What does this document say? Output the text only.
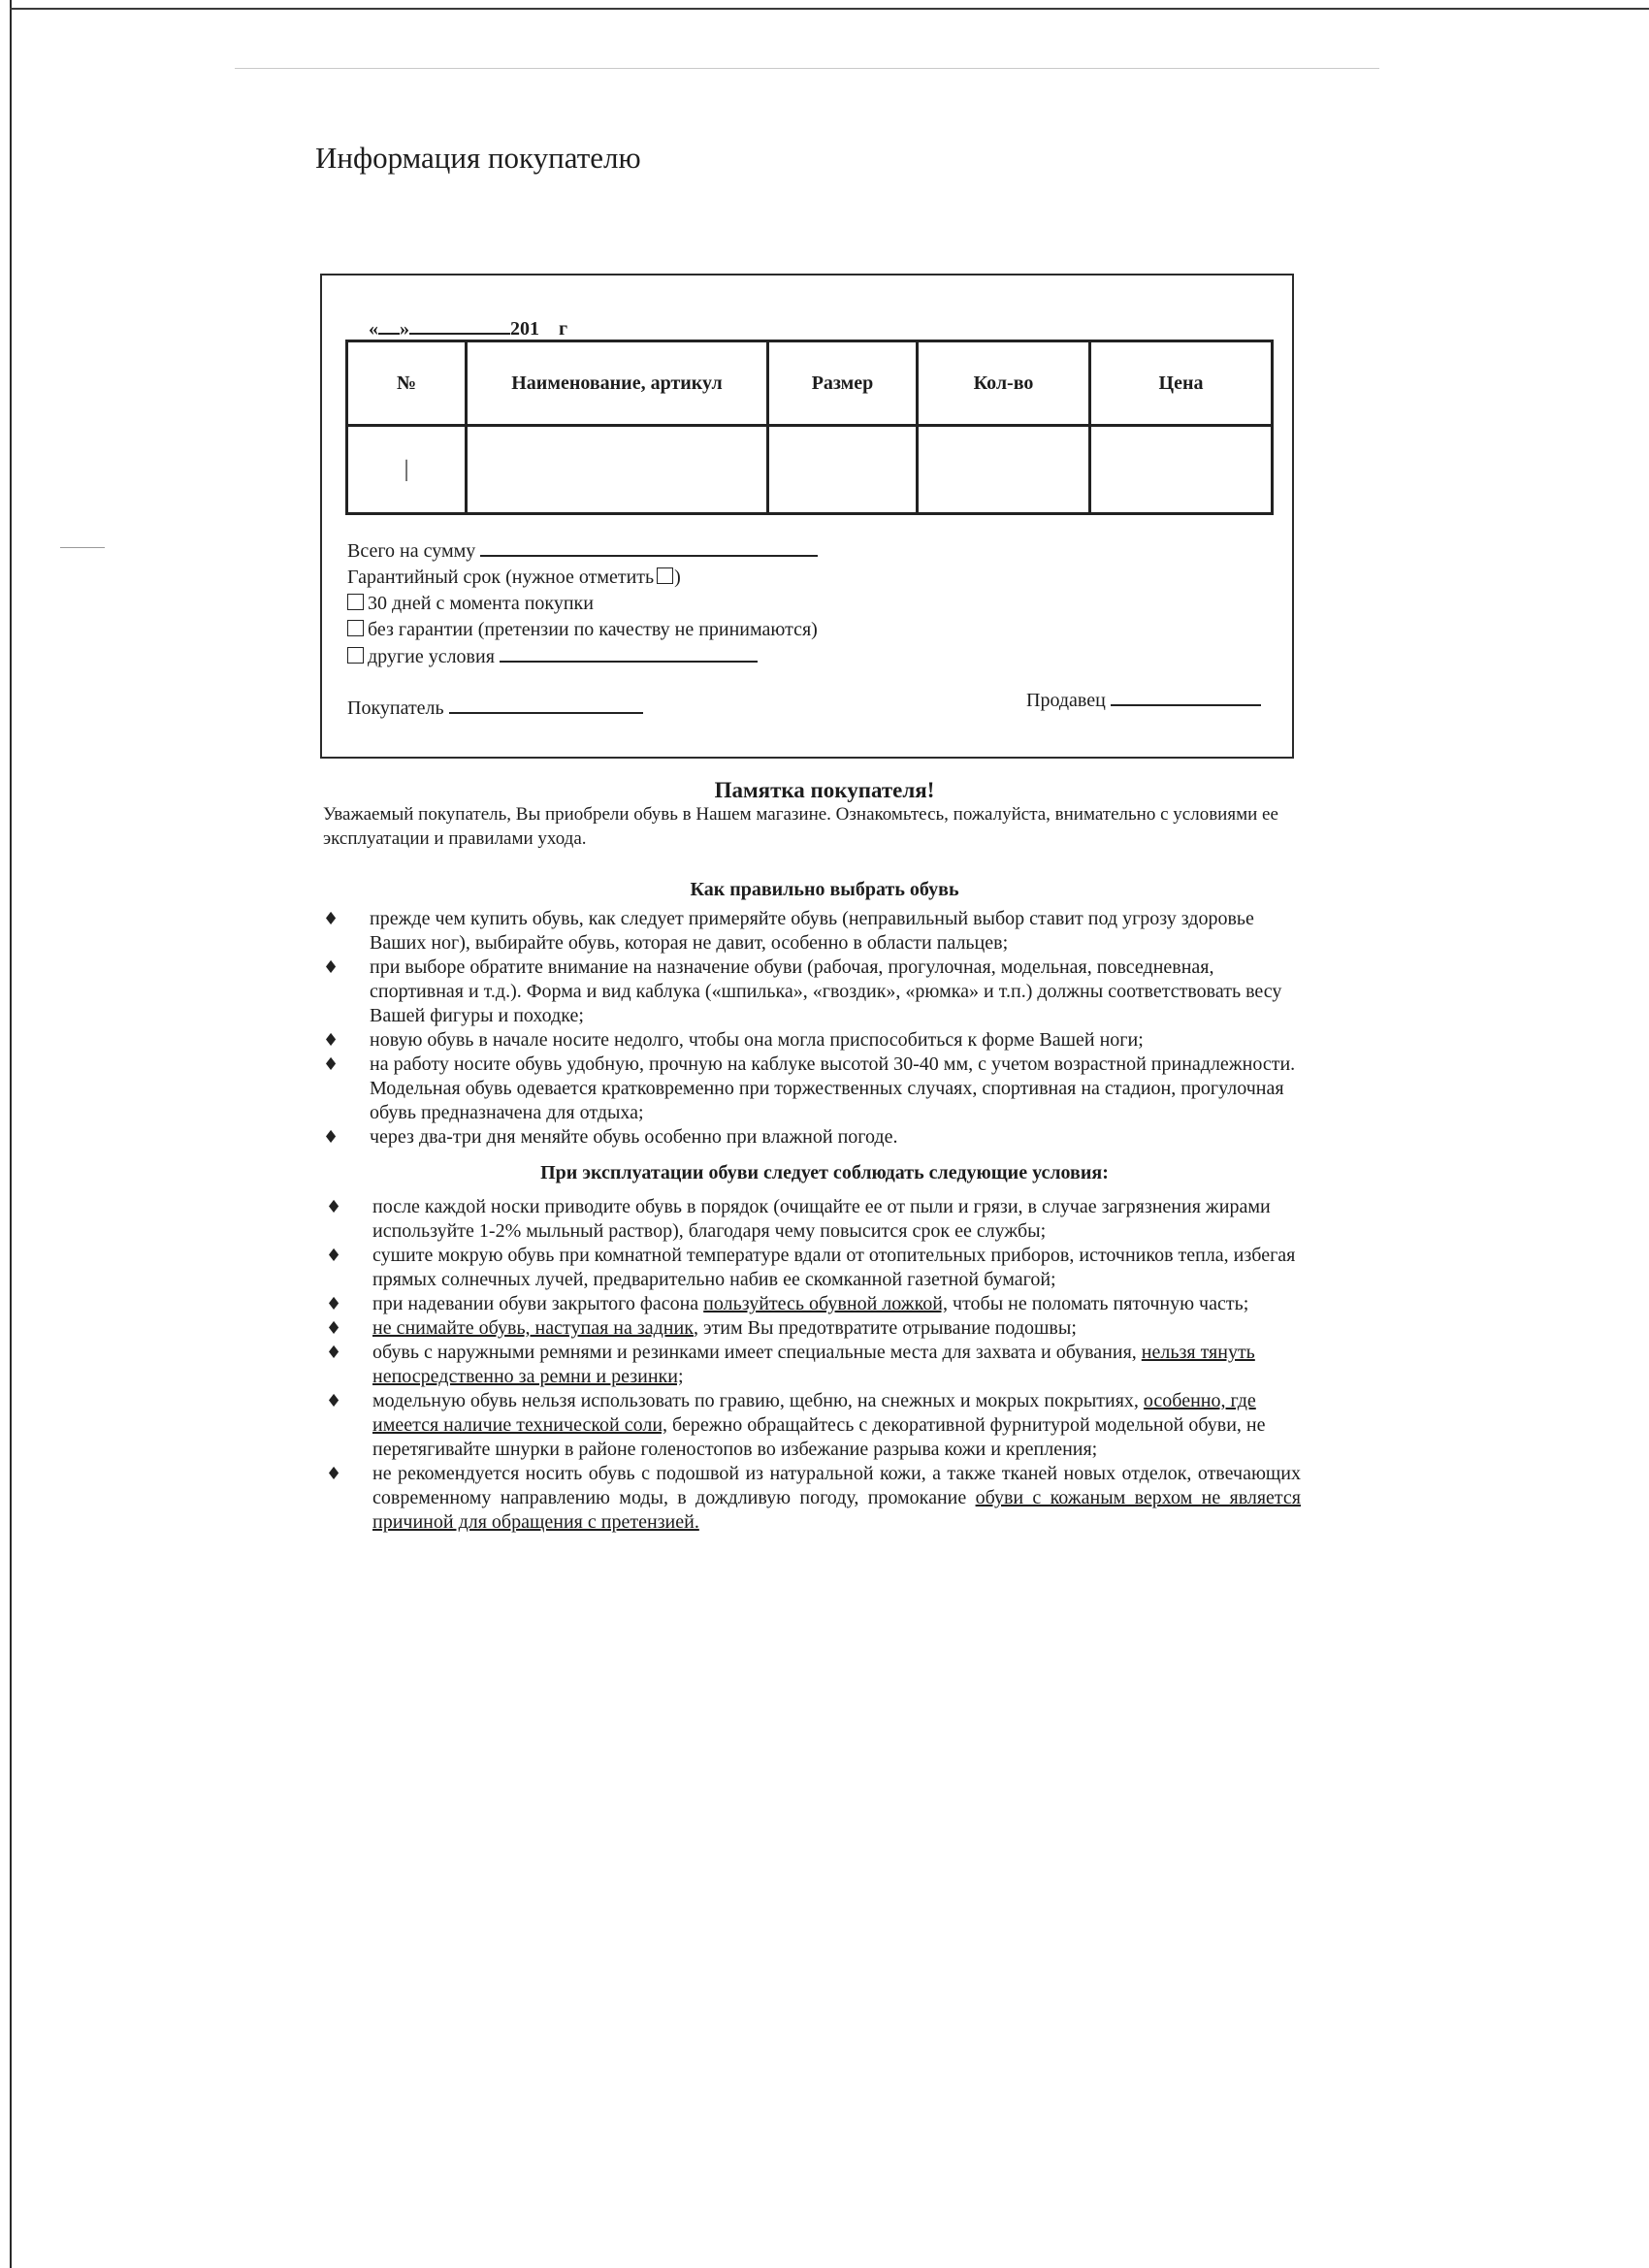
Информация покупателю
« »	201 г
№	Наименование, артикул	Размер	Кол-во	Цена
|				
Всего на сумму
Гарантийный срок (нужное отметить )
30 дней с момента покупки
без гарантии (претензии по качеству не принимаются)
другие условия
Покупатель	Продавец
Памятка покупателя!

Уважаемый покупатель, Вы приобрели обувь в Нашем магазине. Ознакомьтесь, пожалуйста, внимательно с условиями ее эксплуатации и правилами ухода.

Как правильно выбрать обувь
♦ прежде чем купить обувь, как следует примеряйте обувь (неправильный выбор ставит под угрозу здоровье Ваших ног), выбирайте обувь, которая не давит, особенно в области пальцев;
♦ при выборе обратите внимание на назначение обуви (рабочая, прогулочная, модельная, повседневная, спортивная и т.д.). Форма и вид каблука («шпилька», «гвоздик», «рюмка» и т.п.) должны соответствовать весу Вашей фигуры и походке;
♦ новую обувь в начале носите недолго, чтобы она могла приспособиться к форме Вашей ноги;
♦ на работу носите обувь удобную, прочную на каблуке высотой 30-40 мм, с учетом возрастной принадлежности. Модельная обувь одевается кратковременно при торжественных случаях, спортивная на стадион, прогулочная обувь предназначена для отдыха;
♦ через два-три дня меняйте обувь особенно при влажной погоде.
При эксплуатации обуви следует соблюдать следующие условия:
♦ после каждой носки приводите обувь в порядок (очищайте ее от пыли и грязи, в случае загрязнения жирами используйте 1-2% мыльный раствор), благодаря чему повысится срок ее службы;
♦ сушите мокрую обувь при комнатной температуре вдали от отопительных приборов, источников тепла, избегая прямых солнечных лучей, предварительно набив ее скомканной газетной бумагой;
♦ при надевании обуви закрытого фасона пользуйтесь обувной ложкой, чтобы не поломать пяточную часть;
♦ не снимайте обувь, наступая на задник, этим Вы предотвратите отрывание подошвы;
♦ обувь с наружными ремнями и резинками имеет специальные места для захвата и обувания, нельзя тянуть непосредственно за ремни и резинки;
♦ модельную обувь нельзя использовать по гравию, щебню, на снежных и мокрых покрытиях, особенно, где имеется наличие технической соли, бережно обращайтесь с декоративной фурнитурой модельной обуви, не перетягивайте шнурки в районе голеностопов во избежание разрыва кожи и крепления;
♦ не рекомендуется носить обувь с подошвой из натуральной кожи, а также тканей новых отделок, отвечающих современному направлению моды, в дождливую погоду, промокание обуви с кожаным верхом не является причиной для обращения с претензией.
